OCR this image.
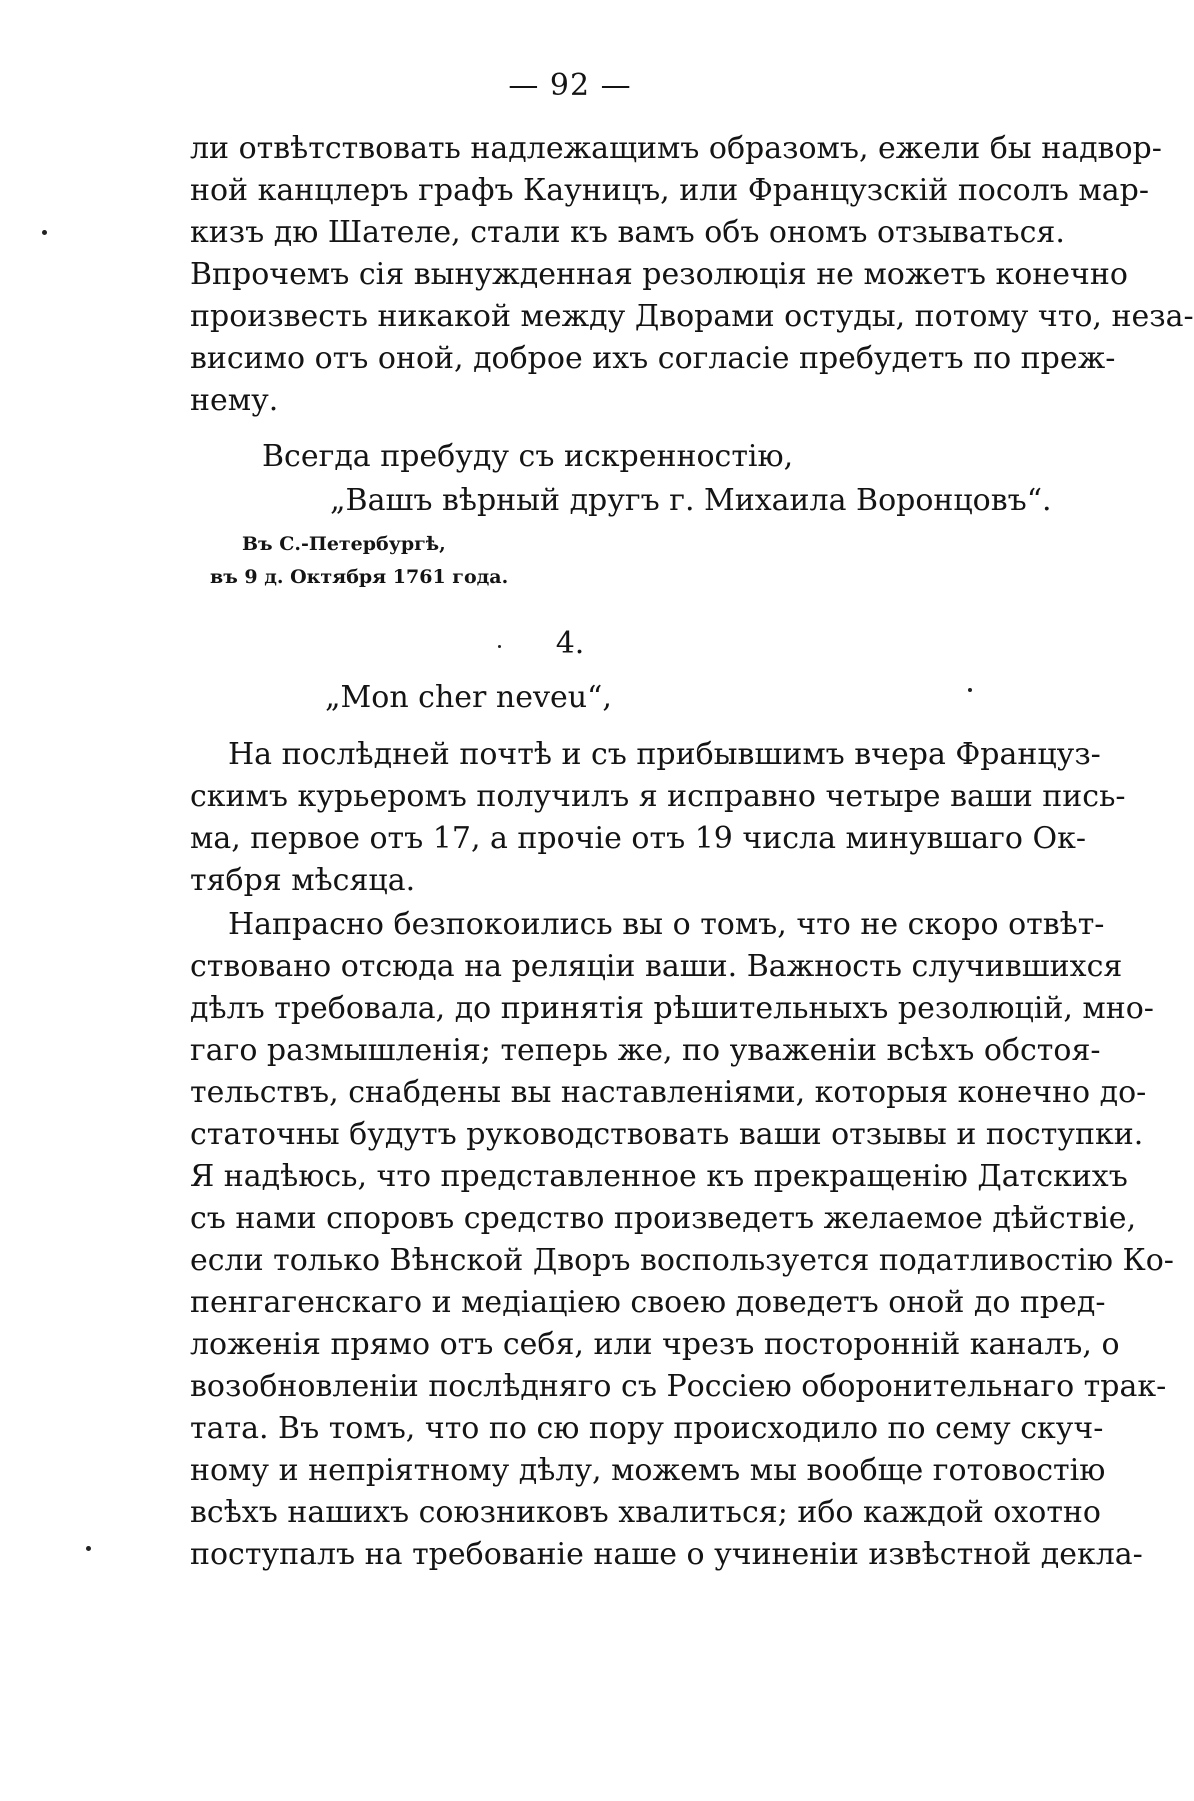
— 92 —
ли отвѣтствовать надлежащимъ образомъ, ежели бы надвор-
ной канцлеръ графъ Кауницъ, или Французскій посолъ мар-
кизъ дю Шателе, стали къ вамъ объ ономъ отзываться.
Впрочемъ сія вынужденная резолюція не можетъ конечно
произвесть никакой между Дворами остуды, потому что, неза-
висимо отъ оной, доброе ихъ согласіе пребудетъ по преж-
нему.
Всегда пребуду съ искренностію,
„Вашъ вѣрный другъ г. Михаила Воронцовъ“.
Въ С.-Петербургѣ,
въ 9 д. Октября 1761 года.
4.
„Mon cher neveu“,
На послѣдней почтѣ и съ прибывшимъ вчера Француз-
скимъ курьеромъ получилъ я исправно четыре ваши пись-
ма, первое отъ 17, а прочіе отъ 19 числа минувшаго Ок-
тября мѣсяца.
Напрасно безпокоились вы о томъ, что не скоро отвѣт-
ствовано отсюда на реляціи ваши. Важность случившихся
дѣлъ требовала, до принятія рѣшительныхъ резолюцій, мно-
гаго размышленія; теперь же, по уваженіи всѣхъ обстоя-
тельствъ, снабдены вы наставленіями, которыя конечно до-
статочны будутъ руководствовать ваши отзывы и поступки.
Я надѣюсь, что представленное къ прекращенію Датскихъ
съ нами споровъ средство произведетъ желаемое дѣйствіе,
если только Вѣнской Дворъ воспользуется податливостію Ко-
пенгагенскаго и медіаціею своею доведетъ оной до пред-
ложенія прямо отъ себя, или чрезъ посторонній каналъ, о
возобновленіи послѣдняго съ Россіею оборонительнаго трак-
тата. Въ томъ, что по сю пору происходило по сему скуч-
ному и непріятному дѣлу, можемъ мы вообще готовостію
всѣхъ нашихъ союзниковъ хвалиться; ибо каждой охотно
поступалъ на требованіе наше о учиненіи извѣстной декла-
